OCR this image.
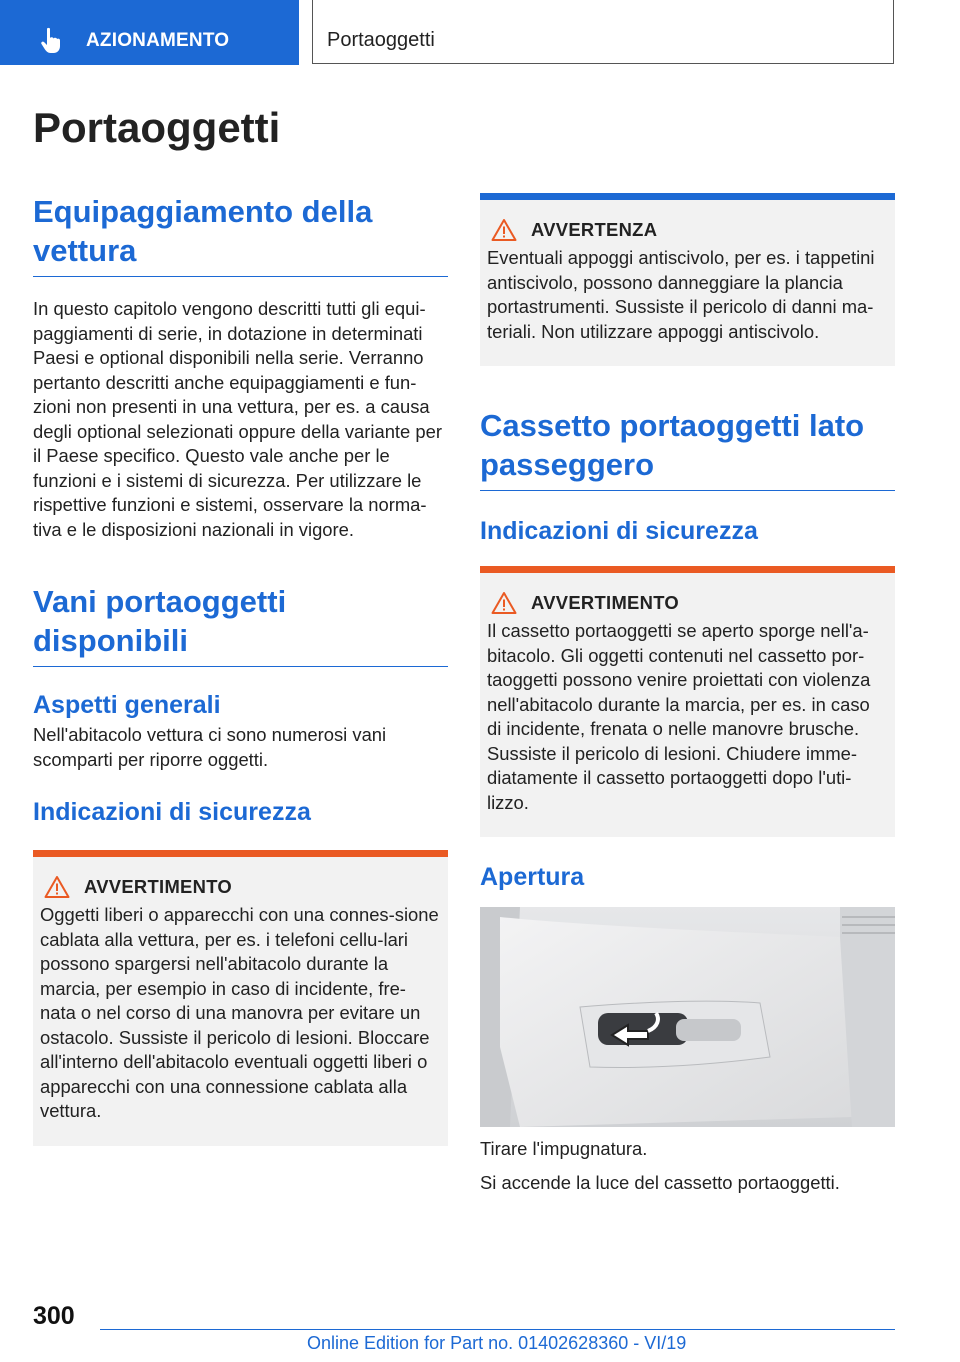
AZIONAMENTO	Portaoggetti
Portaoggetti
Equipaggiamento della vettura

In questo capitolo vengono descritti tutti gli equi-paggiamenti di serie, in dotazione in determinati Paesi e optional disponibili nella serie. Verranno pertanto descritti anche equipaggiamenti e fun-zioni non presenti in una vettura, per es. a causa degli optional selezionati oppure della variante per il Paese specifico. Questo vale anche per le funzioni e i sistemi di sicurezza. Per utilizzare le rispettive funzioni e sistemi, osservare la norma-tiva e le disposizioni nazionali in vigore.

Vani portaoggetti disponibili
Aspetti generali

Nell'abitacolo vettura ci sono numerosi vani scomparti per riporre oggetti.

Indicazioni di sicurezza
AVVERTIMENTO

Oggetti liberi o apparecchi con una connes-sione cablata alla vettura, per es. i telefoni cellu-lari possono spargersi nell'abitacolo durante la marcia, per esempio in caso di incidente, fre-nata o nel corso di una manovra per evitare un ostacolo. Sussiste il pericolo di lesioni. Bloccare all'interno dell'abitacolo eventuali oggetti liberi o apparecchi con una connessione cablata alla vettura.

AVVERTENZA

Eventuali appoggi antiscivolo, per es. i tappetini antiscivolo, possono danneggiare la plancia portastrumenti. Sussiste il pericolo di danni ma-teriali. Non utilizzare appoggi antiscivolo.

Cassetto portaoggetti lato passeggero
Indicazioni di sicurezza
AVVERTIMENTO

Il cassetto portaoggetti se aperto sporge nell'a-bitacolo. Gli oggetti contenuti nel cassetto por-taoggetti possono venire proiettati con violenza nell'abitacolo durante la marcia, per es. in caso di incidente, frenata o nelle manovre brusche. Sussiste il pericolo di lesioni. Chiudere imme-diatamente il cassetto portaoggetti dopo l'uti-lizzo.

Apertura

Tirare l'impugnatura.

Si accende la luce del cassetto portaoggetti.

300
Online Edition for Part no. 01402628360 - VI/19
